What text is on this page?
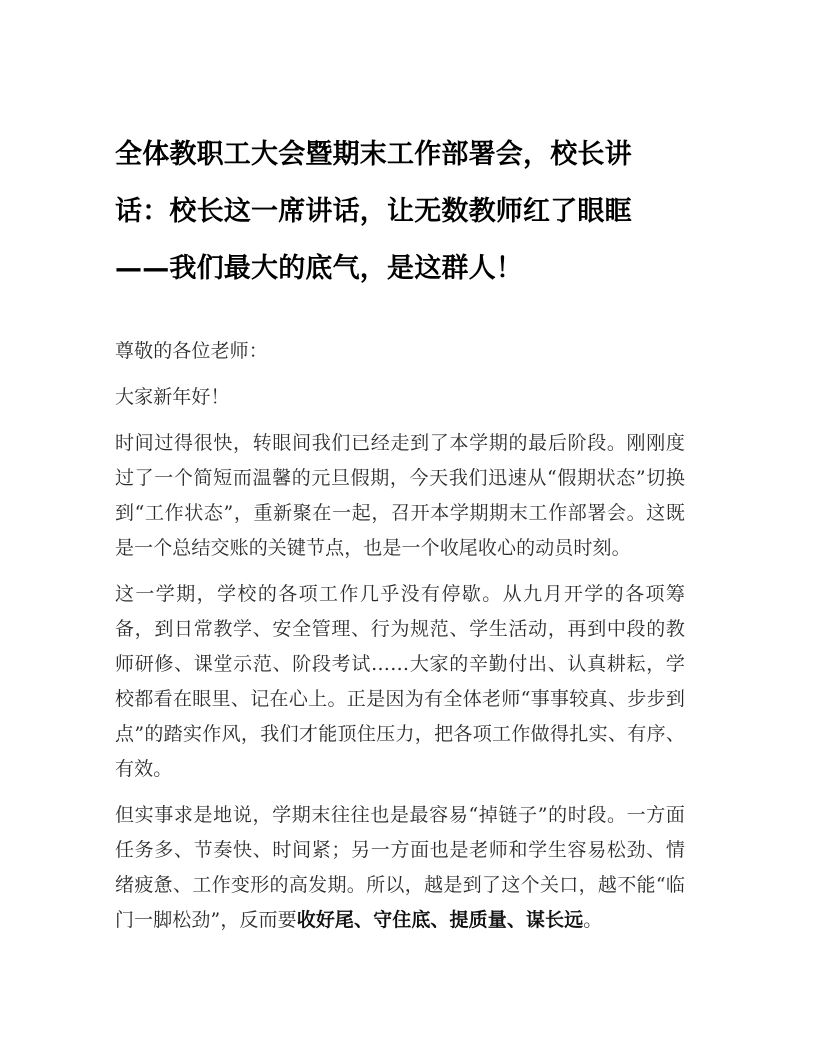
全体教职工大会暨期末工作部署会，校长讲话：校长这一席讲话，让无数教师红了眼眶——我们最大的底气，是这群人！

尊敬的各位老师：

大家新年好！

时间过得很快，转眼间我们已经走到了本学期的最后阶段。刚刚度过了一个简短而温馨的元旦假期，今天我们迅速从“假期状态”切换到“工作状态”，重新聚在一起，召开本学期期末工作部署会。这既是一个总结交账的关键节点，也是一个收尾收心的动员时刻。

这一学期，学校的各项工作几乎没有停歇。从九月开学的各项筹备，到日常教学、安全管理、行为规范、学生活动，再到中段的教师研修、课堂示范、阶段考试……大家的辛勤付出、认真耕耘，学校都看在眼里、记在心上。正是因为有全体老师“事事较真、步步到点”的踏实作风，我们才能顶住压力，把各项工作做得扎实、有序、有效。

但实事求是地说，学期末往往也是最容易“掉链子”的时段。一方面任务多、节奏快、时间紧；另一方面也是老师和学生容易松劲、情绪疲惫、工作变形的高发期。所以，越是到了这个关口，越不能“临门一脚松劲”，反而要收好尾、守住底、提质量、谋长远。
